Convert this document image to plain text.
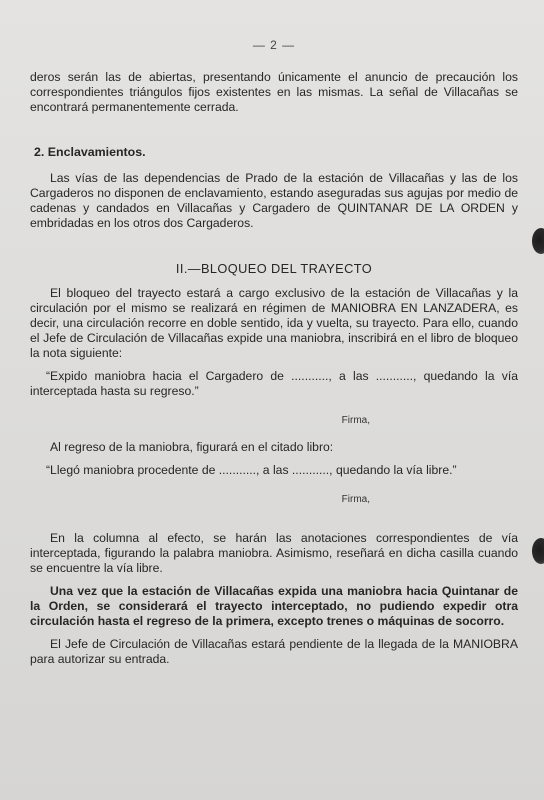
— 2 —

deros serán las de abiertas, presentando únicamente el anuncio de precaución los correspondientes triángulos fijos existentes en las mismas. La señal de Villacañas se encontrará permanentemente cerrada.

2. Enclavamientos.

Las vías de las dependencias de Prado de la estación de Villacañas y las de los Cargaderos no disponen de enclavamiento, estando aseguradas sus agujas por medio de cadenas y candados en Villacañas y Cargadero de QUINTANAR DE LA ORDEN y embridadas en los otros dos Cargaderos.

II.—BLOQUEO DEL TRAYECTO

El bloqueo del trayecto estará a cargo exclusivo de la estación de Villacañas y la circulación por el mismo se realizará en régimen de MANIOBRA EN LANZADERA, es decir, una circulación recorre en doble sentido, ida y vuelta, su trayecto. Para ello, cuando el Jefe de Circulación de Villacañas expide una maniobra, inscribirá en el libro de bloqueo la nota siguiente:

“Expido maniobra hacia el Cargadero de ..........., a las ..........., quedando la vía interceptada hasta su regreso.”

Firma,

Al regreso de la maniobra, figurará en el citado libro:

“Llegó maniobra procedente de ..........., a las ..........., quedando la vía libre.”

Firma,

En la columna al efecto, se harán las anotaciones correspondientes de vía interceptada, figurando la palabra maniobra. Asimismo, reseñará en dicha casilla cuando se encuentre la vía libre.

Una vez que la estación de Villacañas expida una maniobra hacia Quintanar de la Orden, se considerará el trayecto interceptado, no pudiendo expedir otra circulación hasta el regreso de la primera, excepto trenes o máquinas de socorro.

El Jefe de Circulación de Villacañas estará pendiente de la llegada de la MANIOBRA para autorizar su entrada.
